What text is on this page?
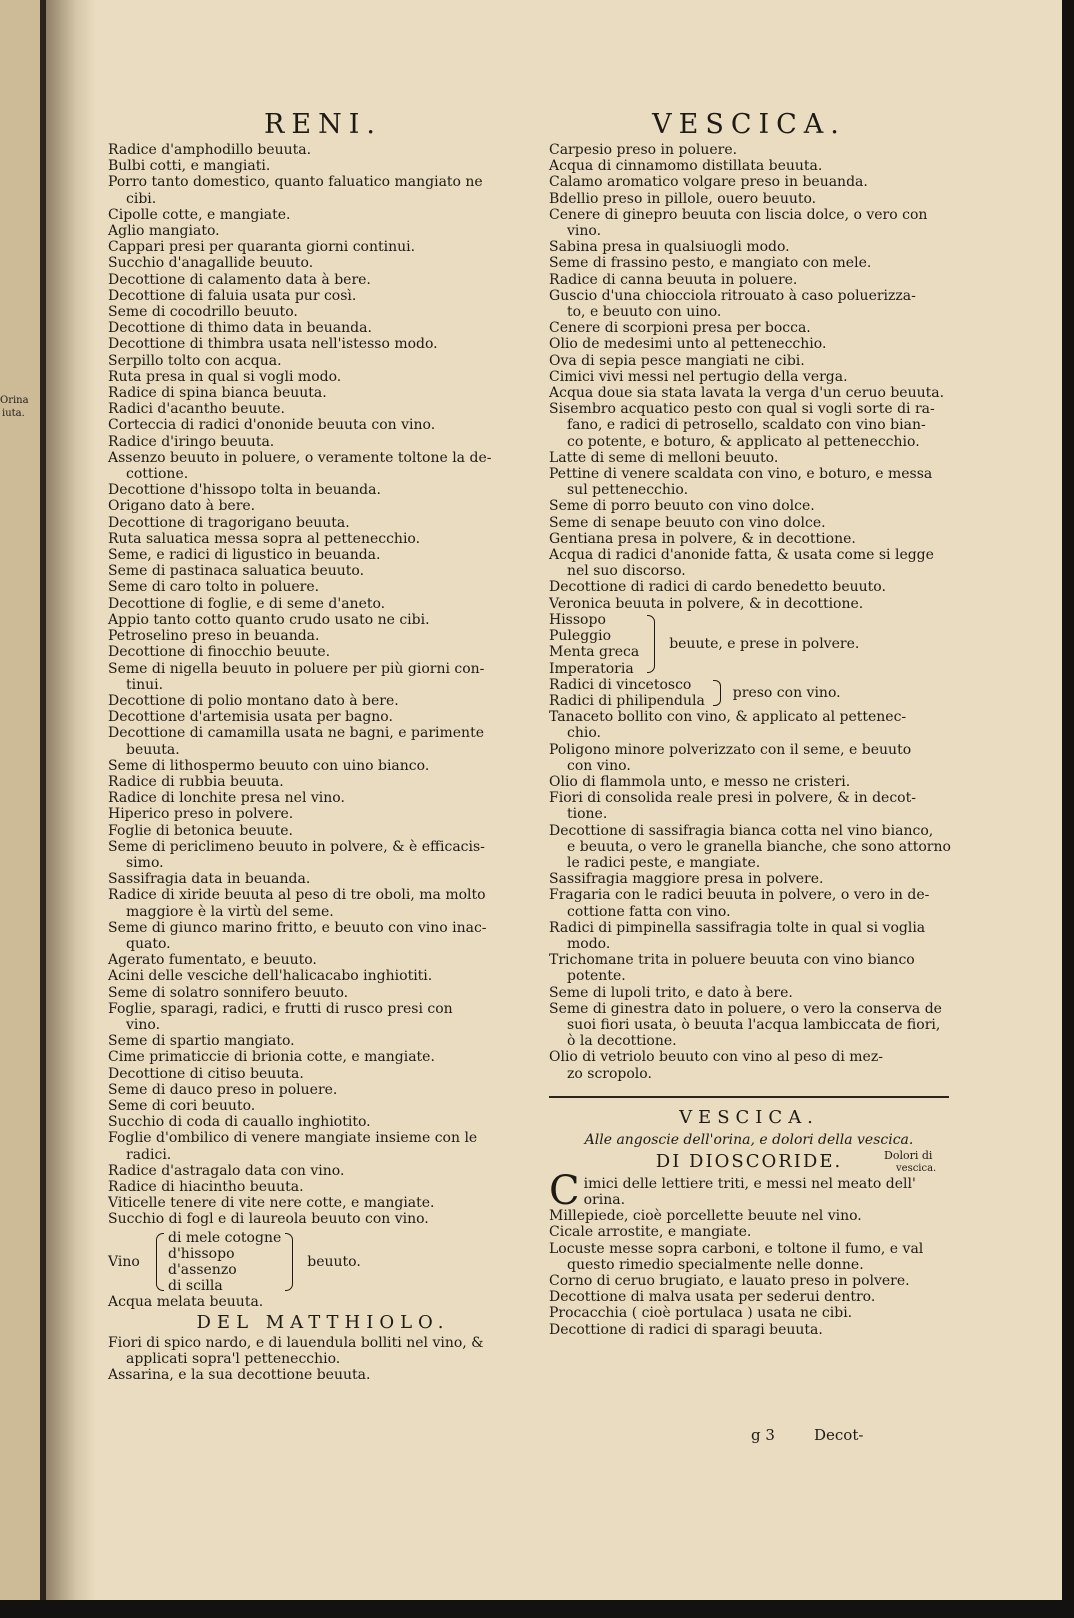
Orina
iuta.
RENI.
Radice d'amphodillo beuuta.
Bulbi cotti, e mangiati.
Porro tanto domestico, quanto faluatico mangiato ne
cibi.
Cipolle cotte, e mangiate.
Aglio mangiato.
Cappari presi per quaranta giorni continui.
Succhio d'anagallide beuuto.
Decottione di calamento data à bere.
Decottione di faluia usata pur così.
Seme di cocodrillo beuuto.
Decottione di thimo data in beuanda.
Decottione di thimbra usata nell'istesso modo.
Serpillo tolto con acqua.
Ruta presa in qual si vogli modo.
Radice di spina bianca beuuta.
Radici d'acantho beuute.
Corteccia di radici d'ononide beuuta con vino.
Radice d'iringo beuuta.
Assenzo beuuto in poluere, o veramente toltone la de-
cottione.
Decottione d'hissopo tolta in beuanda.
Origano dato à bere.
Decottione di tragorigano beuuta.
Ruta saluatica messa sopra al pettenecchio.
Seme, e radici di ligustico in beuanda.
Seme di pastinaca saluatica beuuto.
Seme di caro tolto in poluere.
Decottione di foglie, e di seme d'aneto.
Appio tanto cotto quanto crudo usato ne cibi.
Petroselino preso in beuanda.
Decottione di finocchio beuute.
Seme di nigella beuuto in poluere per più giorni con-
tinui.
Decottione di polio montano dato à bere.
Decottione d'artemisia usata per bagno.
Decottione di camamilla usata ne bagni, e parimente
beuuta.
Seme di lithospermo beuuto con uino bianco.
Radice di rubbia beuuta.
Radice di lonchite presa nel vino.
Hiperico preso in polvere.
Foglie di betonica beuute.
Seme di periclimeno beuuto in polvere, & è efficacis-
simo.
Sassifragia data in beuanda.
Radice di xiride beuuta al peso di tre oboli, ma molto
maggiore è la virtù del seme.
Seme di giunco marino fritto, e beuuto con vino inac-
quato.
Agerato fumentato, e beuuto.
Acini delle vesciche dell'halicacabo inghiotiti.
Seme di solatro sonnifero beuuto.
Foglie, sparagi, radici, e frutti di rusco presi con
vino.
Seme di spartio mangiato.
Cime primaticcie di brionia cotte, e mangiate.
Decottione di citiso beuuta.
Seme di dauco preso in poluere.
Seme di cori beuuto.
Succhio di coda di cauallo inghiotito.
Foglie d'ombilico di venere mangiate insieme con le
radici.
Radice d'astragalo data con vino.
Radice di hiacintho beuuta.
Viticelle tenere di vite nere cotte, e mangiate.
Succhio di fogl e di laureola beuuto con vino.
Vino
di mele cotogne
d'hissopo
d'assenzo
di scilla
beuuto.
Acqua melata beuuta.
DEL MATTHIOLO.
Fiori di spico nardo, e di lauendula bolliti nel vino, &
applicati sopra'l pettenecchio.
Assarina, e la sua decottione beuuta.
VESCICA.
Carpesio preso in poluere.
Acqua di cinnamomo distillata beuuta.
Calamo aromatico volgare preso in beuanda.
Bdellio preso in pillole, ouero beuuto.
Cenere di ginepro beuuta con liscia dolce, o vero con
vino.
Sabina presa in qualsiuogli modo.
Seme di frassino pesto, e mangiato con mele.
Radice di canna beuuta in poluere.
Guscio d'una chiocciola ritrouato à caso poluerizza-
to, e beuuto con uino.
Cenere di scorpioni presa per bocca.
Olio de medesimi unto al pettenecchio.
Ova di sepia pesce mangiati ne cibi.
Cimici vivi messi nel pertugio della verga.
Acqua doue sia stata lavata la verga d'un ceruo beuuta.
Sisembro acquatico pesto con qual si vogli sorte di ra-
fano, e radici di petrosello, scaldato con vino bian-
co potente, e boturo, & applicato al pettenecchio.
Latte di seme di melloni beuuto.
Pettine di venere scaldata con vino, e boturo, e messa
sul pettenecchio.
Seme di porro beuuto con vino dolce.
Seme di senape beuuto con vino dolce.
Gentiana presa in polvere, & in decottione.
Acqua di radici d'anonide fatta, & usata come si legge
nel suo discorso.
Decottione di radici di cardo benedetto beuuto.
Veronica beuuta in polvere, & in decottione.
Hissopo
Puleggio
Menta greca
Imperatoria
beuute, e prese in polvere.
Radici di vincetosco
Radici di philipendula
preso con vino.
Tanaceto bollito con vino, & applicato al pettenec-
chio.
Poligono minore polverizzato con il seme, e beuuto
con vino.
Olio di flammola unto, e messo ne cristeri.
Fiori di consolida reale presi in polvere, & in decot-
tione.
Decottione di sassifragia bianca cotta nel vino bianco,
e beuuta, o vero le granella bianche, che sono attorno
le radici peste, e mangiate.
Sassifragia maggiore presa in polvere.
Fragaria con le radici beuuta in polvere, o vero in de-
cottione fatta con vino.
Radici di pimpinella sassifragia tolte in qual si voglia
modo.
Trichomane trita in poluere beuuta con vino bianco
potente.
Seme di lupoli trito, e dato à bere.
Seme di ginestra dato in poluere, o vero la conserva de
suoi fiori usata, ò beuuta l'acqua lambiccata de fiori,
ò la decottione.
Olio di vetriolo beuuto con vino al peso di mez-
zo scropolo.
VESCICA.

Alle angoscie dell'orina, e dolori della vescica.

DI DIOSCORIDE.
C imici delle lettiere triti, e messi nel meato dell'
orina.
Millepiede, cioè porcellette beuute nel vino.
Cicale arrostite, e mangiate.
Locuste messe sopra carboni, e toltone il fumo, e val
questo rimedio specialmente nelle donne.
Corno di ceruo brugiato, e lauato preso in polvere.
Decottione di malva usata per sederui dentro.
Procacchia ( cioè portulaca ) usata ne cibi.
Decottione di radici di sparagi beuuta.
Dolori di
vescica.
g 3	Decot-
